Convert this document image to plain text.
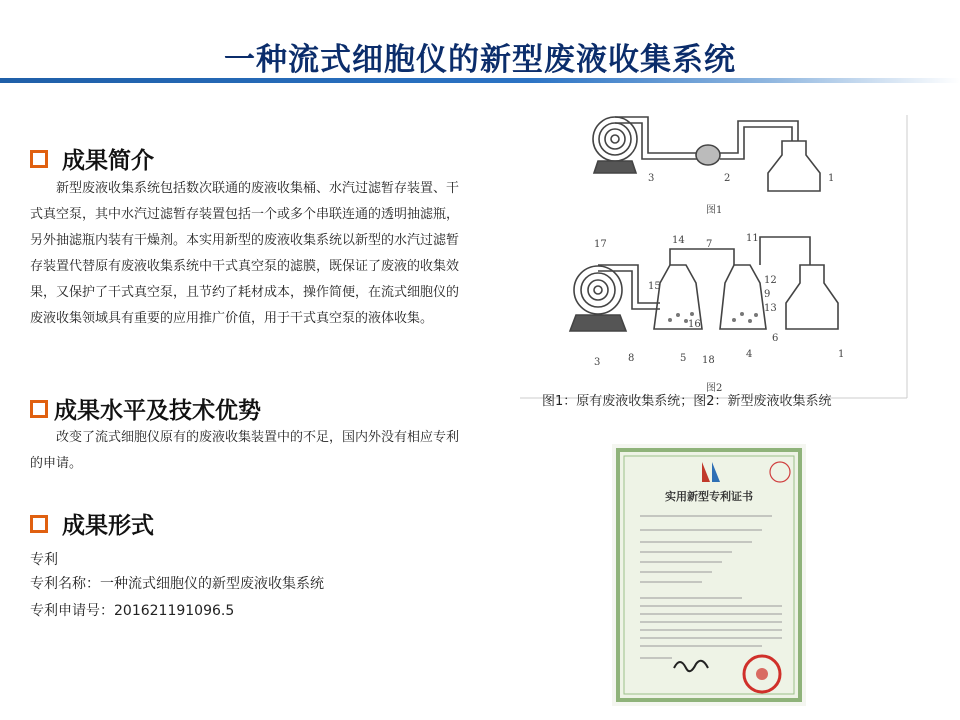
一种流式细胞仪的新型废液收集系统
成果简介
新型废液收集系统包括数次联通的废液收集桶、水汽过滤暂存装置、干式真空泵，其中水汽过滤暂存装置包括一个或多个串联连通的透明抽滤瓶，另外抽滤瓶内装有干燥剂。本实用新型的废液收集系统以新型的水汽过滤暂存装置代替原有废液收集系统中干式真空泵的滤膜，既保证了废液的收集效果，又保护了干式真空泵，且节约了耗材成本，操作简便，在流式细胞仪的废液收集领域具有重要的应用推广价值，用于干式真空泵的液体收集。
成果水平及技术优势
改变了流式细胞仪原有的废液收集装置中的不足，国内外没有相应专利的申请。
成果形式
专利
专利名称：一种流式细胞仪的新型废液收集系统
专利申请号：201621191096.5
3	2	1
图1
17	14 7
11
15
12
9
13
16
6
3	8	5 18
4	1
图2
图1：原有废液收集系统；图2：新型废液收集系统
实用新型专利证书
